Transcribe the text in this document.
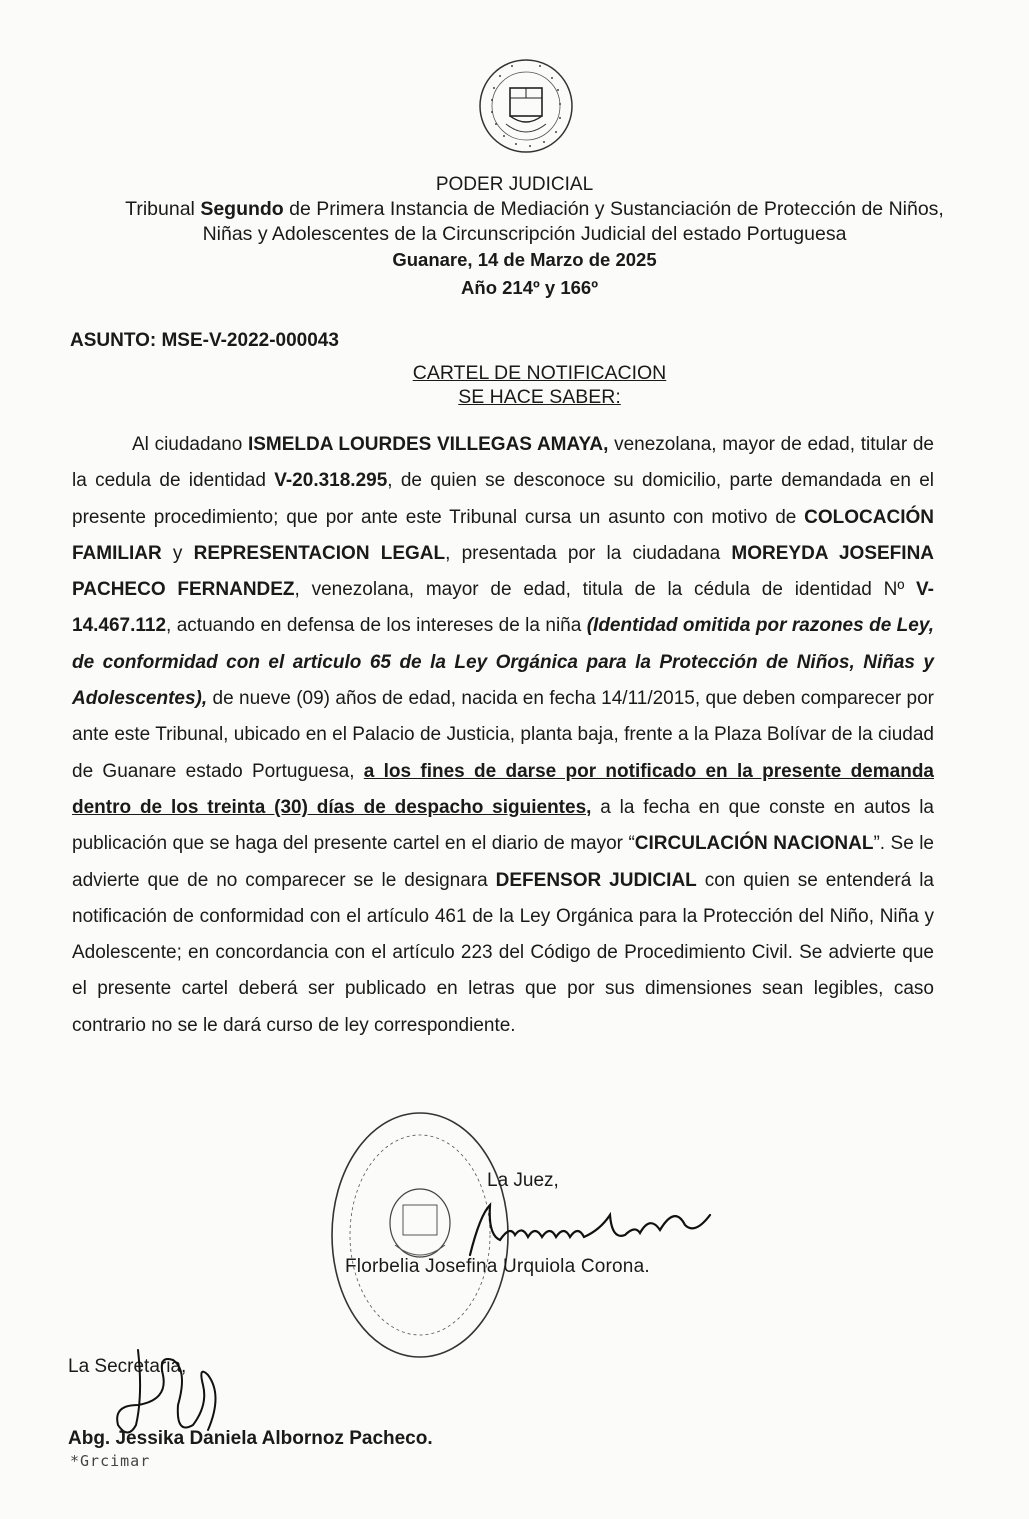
PODER JUDICIAL
Tribunal Segundo de Primera Instancia de Mediación y Sustanciación de Protección de Niños,
Niñas y Adolescentes de la Circunscripción Judicial del estado Portuguesa
Guanare, 14 de Marzo de 2025
Año 214º y 166º
ASUNTO: MSE-V-2022-000043
CARTEL DE NOTIFICACION
SE HACE SABER:

Al ciudadano ISMELDA LOURDES VILLEGAS AMAYA, venezolana, mayor de edad, titular de la cedula de identidad V-20.318.295, de quien se desconoce su domicilio, parte demandada en el presente procedimiento; que por ante este Tribunal cursa un asunto con motivo de COLOCACIÓN FAMILIAR y REPRESENTACION LEGAL, presentada por la ciudadana MOREYDA JOSEFINA PACHECO FERNANDEZ, venezolana, mayor de edad, titula de la cédula de identidad Nº V-14.467.112, actuando en defensa de los intereses de la niña (Identidad omitida por razones de Ley, de conformidad con el articulo 65 de la Ley Orgánica para la Protección de Niños, Niñas y Adolescentes), de nueve (09) años de edad, nacida en fecha 14/11/2015, que deben comparecer por ante este Tribunal, ubicado en el Palacio de Justicia, planta baja, frente a la Plaza Bolívar de la ciudad de Guanare estado Portuguesa, a los fines de darse por notificado en la presente demanda dentro de los treinta (30) días de despacho siguientes, a la fecha en que conste en autos la publicación que se haga del presente cartel en el diario de mayor “CIRCULACIÓN NACIONAL”. Se le advierte que de no comparecer se le designara DEFENSOR JUDICIAL con quien se entenderá la notificación de conformidad con el artículo 461 de la Ley Orgánica para la Protección del Niño, Niña y Adolescente; en concordancia con el artículo 223 del Código de Procedimiento Civil. Se advierte que el presente cartel deberá ser publicado en letras que por sus dimensiones sean legibles, caso contrario no se le dará curso de ley correspondiente.

La Juez,
Florbelia Josefina Urquiola Corona.
La Secretaria,
Abg. Jessika Daniela Albornoz Pacheco.
*Grcimar
